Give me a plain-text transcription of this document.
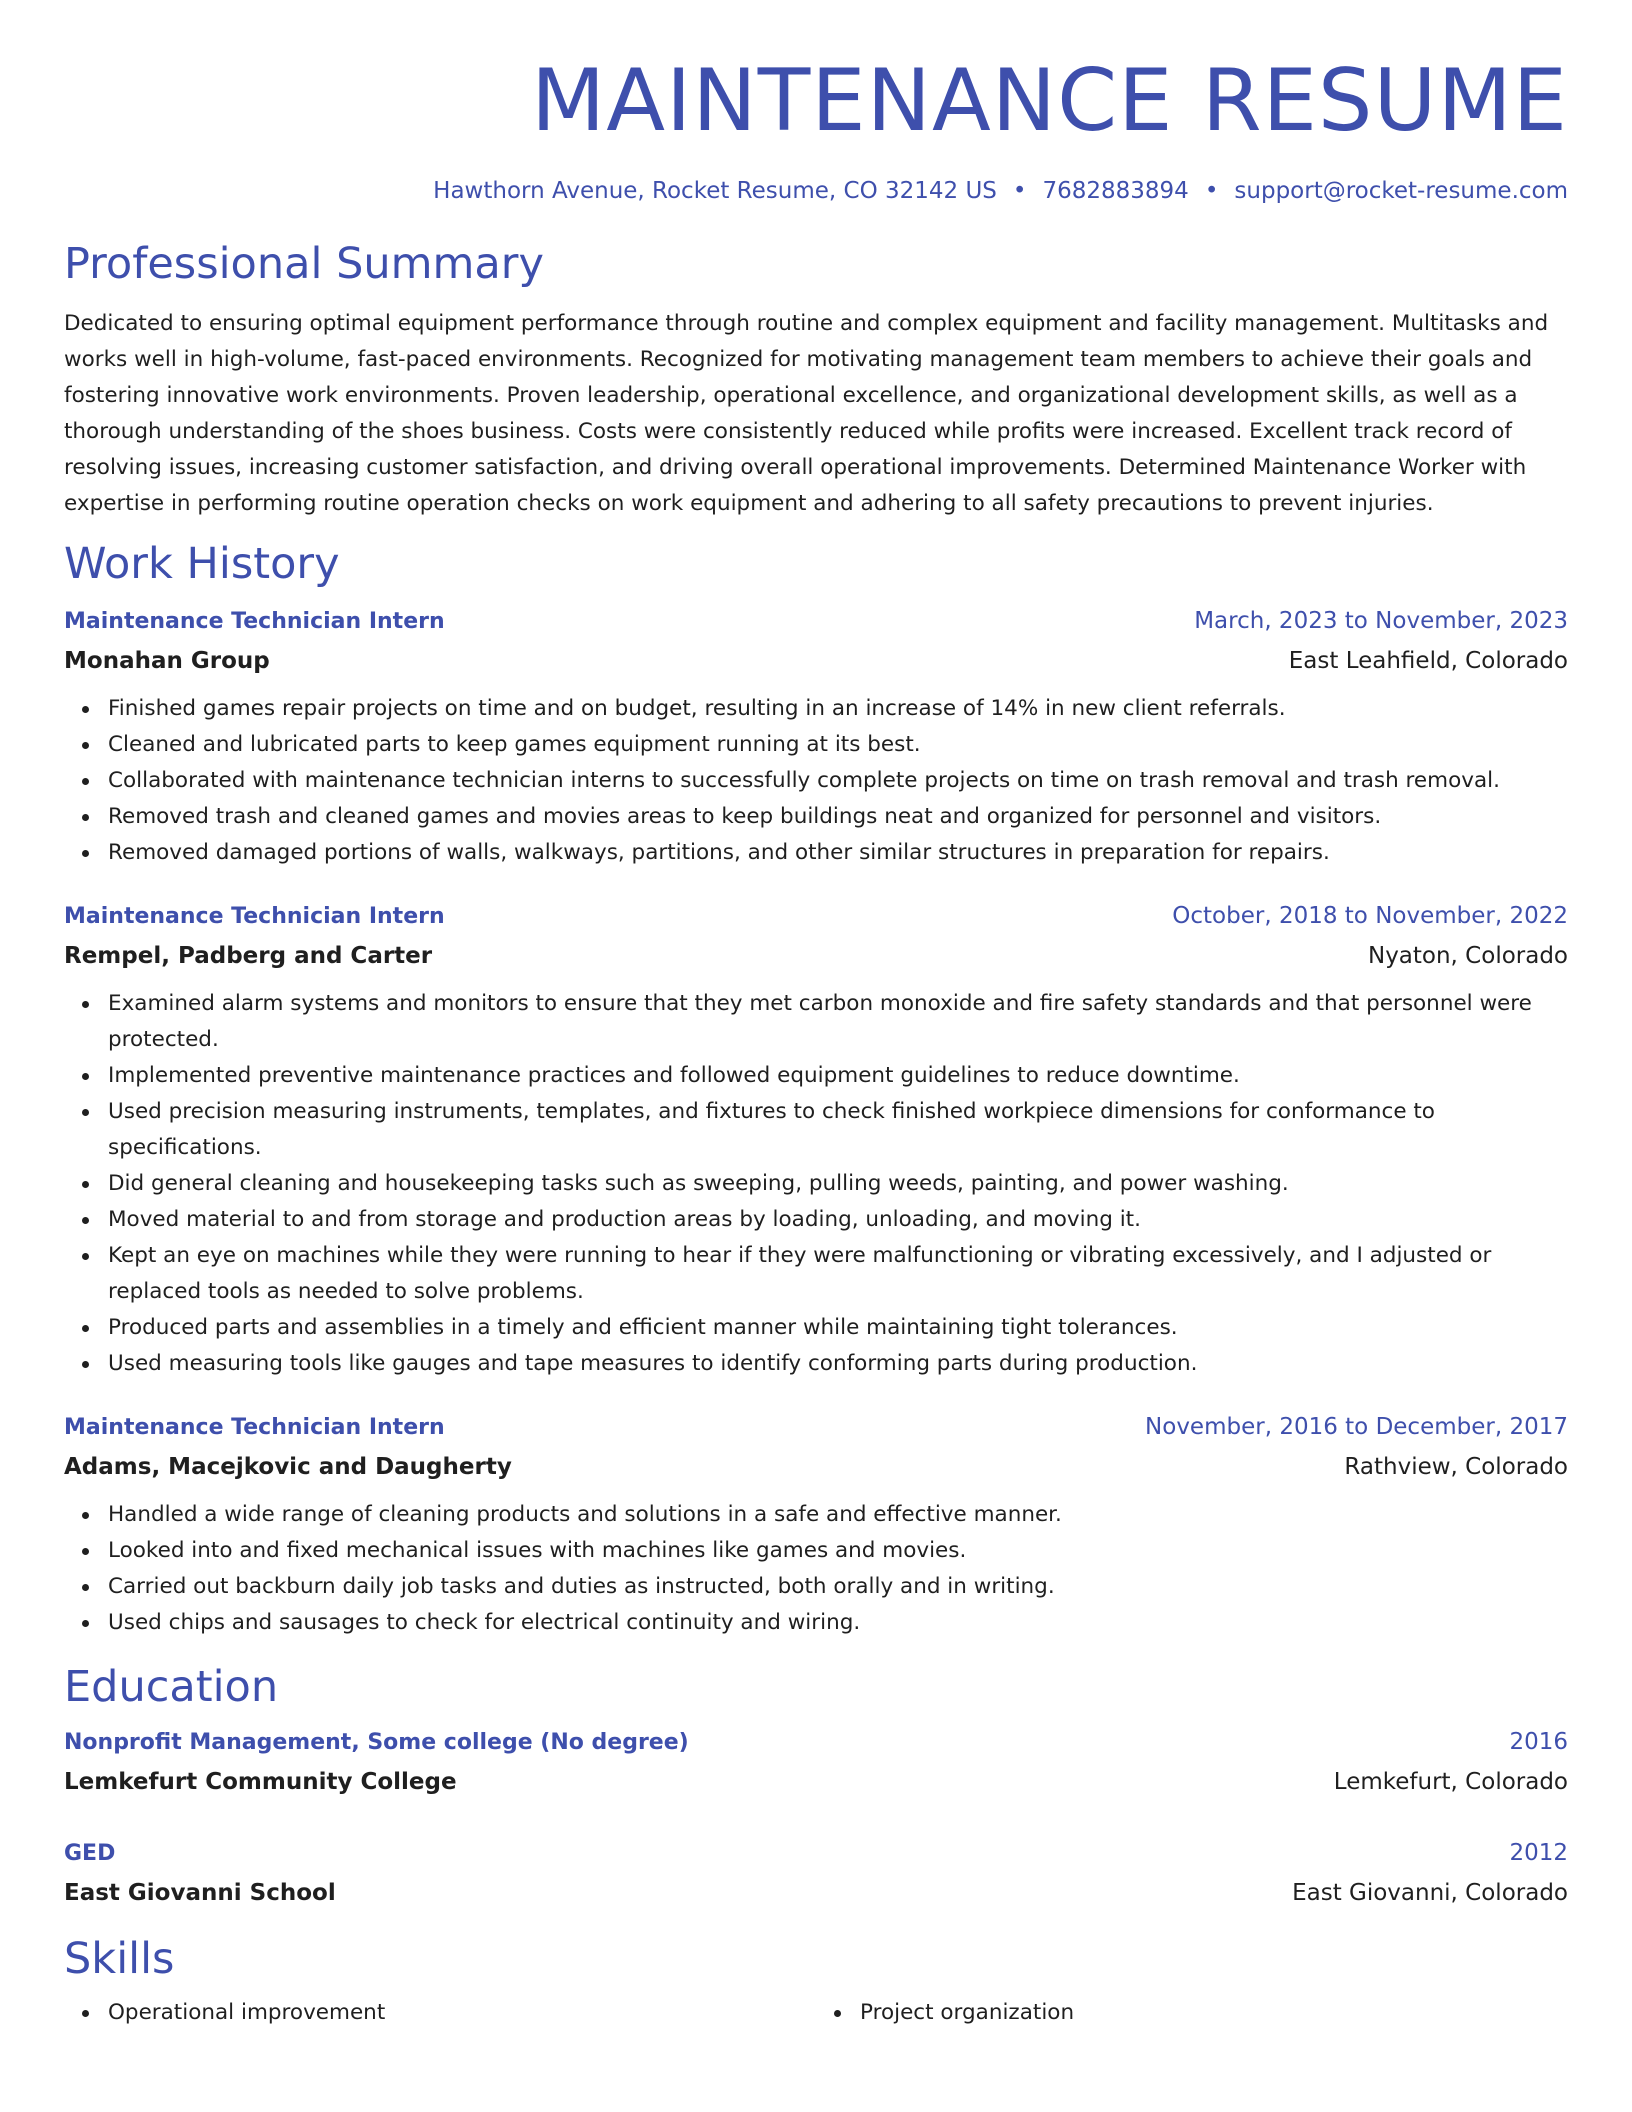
MAINTENANCE RESUME
Hawthorn Avenue, Rocket Resume, CO 32142 US • 7682883894 • support@rocket-resume.com
Professional Summary
Dedicated to ensuring optimal equipment performance through routine and complex equipment and facility management. Multitasks and works well in high-volume, fast-paced environments. Recognized for motivating management team members to achieve their goals and fostering innovative work environments. Proven leadership, operational excellence, and organizational development skills, as well as a thorough understanding of the shoes business. Costs were consistently reduced while profits were increased. Excellent track record of resolving issues, increasing customer satisfaction, and driving overall operational improvements. Determined Maintenance Worker with expertise in performing routine operation checks on work equipment and adhering to all safety precautions to prevent injuries.
Work History
Maintenance Technician Intern	March, 2023 to November, 2023
Monahan Group	East Leahfield, Colorado
Finished games repair projects on time and on budget, resulting in an increase of 14% in new client referrals.
Cleaned and lubricated parts to keep games equipment running at its best.
Collaborated with maintenance technician interns to successfully complete projects on time on trash removal and trash removal.
Removed trash and cleaned games and movies areas to keep buildings neat and organized for personnel and visitors.
Removed damaged portions of walls, walkways, partitions, and other similar structures in preparation for repairs.
Maintenance Technician Intern	October, 2018 to November, 2022
Rempel, Padberg and Carter	Nyaton, Colorado
Examined alarm systems and monitors to ensure that they met carbon monoxide and fire safety standards and that personnel were protected.
Implemented preventive maintenance practices and followed equipment guidelines to reduce downtime.
Used precision measuring instruments, templates, and fixtures to check finished workpiece dimensions for conformance to specifications.
Did general cleaning and housekeeping tasks such as sweeping, pulling weeds, painting, and power washing.
Moved material to and from storage and production areas by loading, unloading, and moving it.
Kept an eye on machines while they were running to hear if they were malfunctioning or vibrating excessively, and I adjusted or replaced tools as needed to solve problems.
Produced parts and assemblies in a timely and efficient manner while maintaining tight tolerances.
Used measuring tools like gauges and tape measures to identify conforming parts during production.
Maintenance Technician Intern	November, 2016 to December, 2017
Adams, Macejkovic and Daugherty	Rathview, Colorado
Handled a wide range of cleaning products and solutions in a safe and effective manner.
Looked into and fixed mechanical issues with machines like games and movies.
Carried out backburn daily job tasks and duties as instructed, both orally and in writing.
Used chips and sausages to check for electrical continuity and wiring.
Education
Nonprofit Management, Some college (No degree)	2016
Lemkefurt Community College	Lemkefurt, Colorado
GED	2012
East Giovanni School	East Giovanni, Colorado
Skills
Operational improvement	Project organization
